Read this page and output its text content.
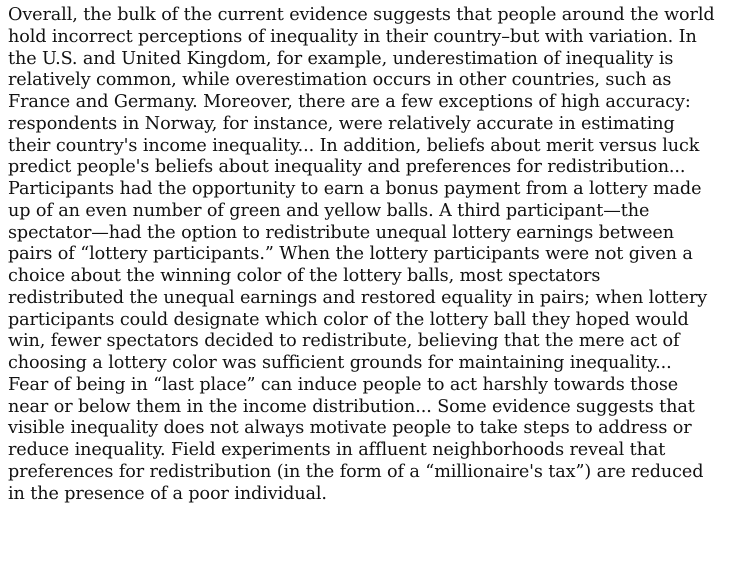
Overall, the bulk of the current evidence suggests that people around the world
hold incorrect perceptions of inequality in their country–but with variation. In
the U.S. and United Kingdom, for example, underestimation of inequality is
relatively common, while overestimation occurs in other countries, such as
France and Germany. Moreover, there are a few exceptions of high accuracy:
respondents in Norway, for instance, were relatively accurate in estimating
their country's income inequality... In addition, beliefs about merit versus luck
predict people's beliefs about inequality and preferences for redistribution...
Participants had the opportunity to earn a bonus payment from a lottery made
up of an even number of green and yellow balls. A third participant—the
spectator—had the option to redistribute unequal lottery earnings between
pairs of “lottery participants.” When the lottery participants were not given a
choice about the winning color of the lottery balls, most spectators
redistributed the unequal earnings and restored equality in pairs; when lottery
participants could designate which color of the lottery ball they hoped would
win, fewer spectators decided to redistribute, believing that the mere act of
choosing a lottery color was sufficient grounds for maintaining inequality...
Fear of being in “last place” can induce people to act harshly towards those
near or below them in the income distribution... Some evidence suggests that
visible inequality does not always motivate people to take steps to address or
reduce inequality. Field experiments in affluent neighborhoods reveal that
preferences for redistribution (in the form of a “millionaire's tax”) are reduced
in the presence of a poor individual.
